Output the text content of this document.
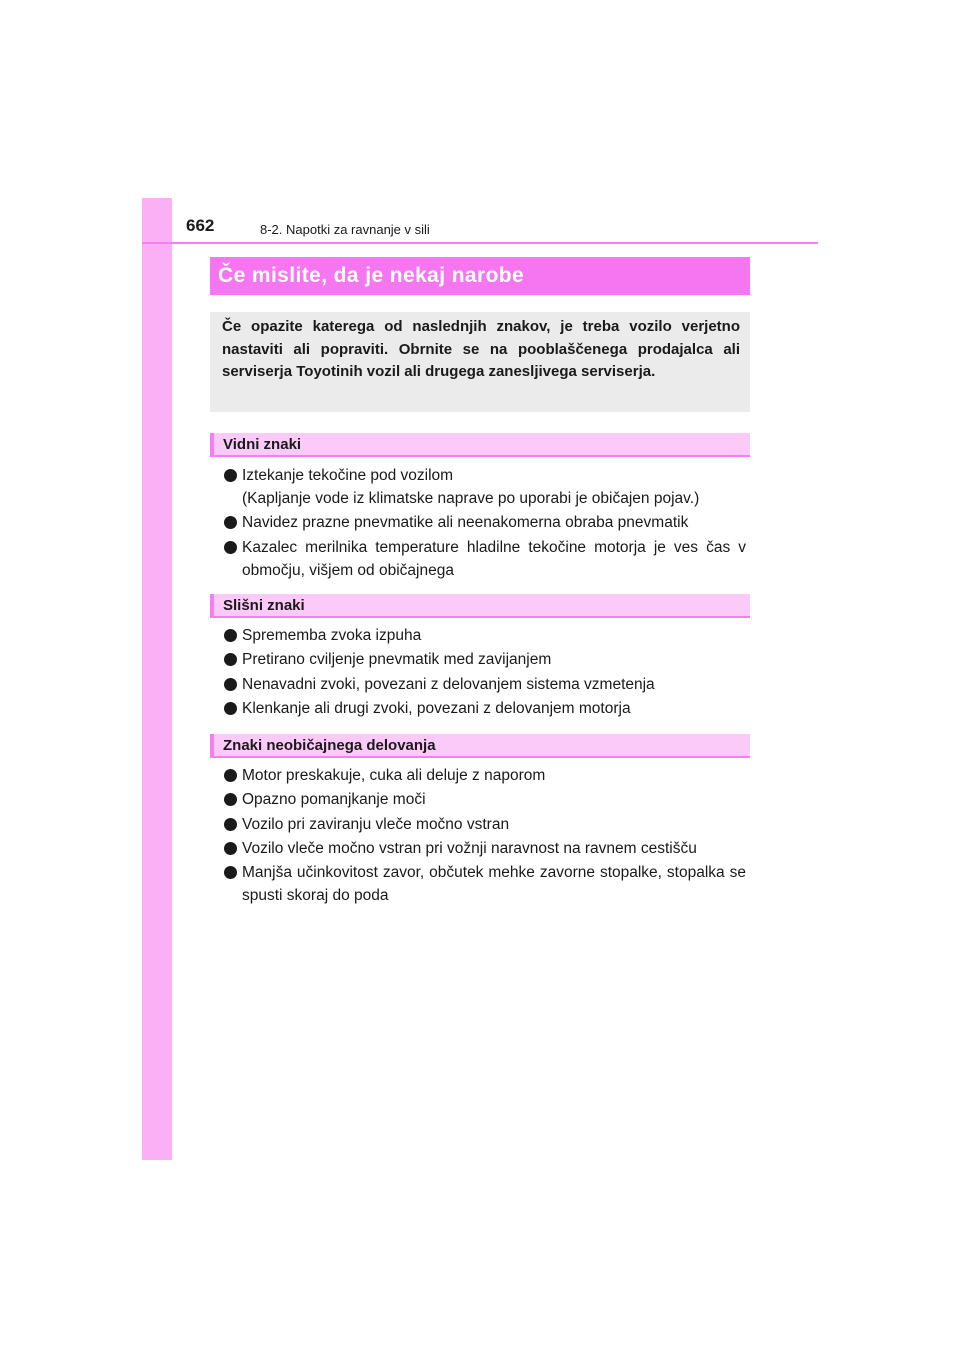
662	8-2. Napotki za ravnanje v sili
Če mislite, da je nekaj narobe

Če opazite katerega od naslednjih znakov, je treba vozilo verjetno nastaviti ali popraviti. Obrnite se na pooblaščenega prodajalca ali serviserja Toyotinih vozil ali drugega zanesljivega serviserja.

Vidni znaki
Iztekanje tekočine pod vozilom
(Kapljanje vode iz klimatske naprave po uporabi je običajen pojav.)
Navidez prazne pnevmatike ali neenakomerna obraba pnevmatik
Kazalec merilnika temperature hladilne tekočine motorja je ves čas v območju, višjem od običajnega
Slišni znaki
Sprememba zvoka izpuha
Pretirano cviljenje pnevmatik med zavijanjem
Nenavadni zvoki, povezani z delovanjem sistema vzmetenja
Klenkanje ali drugi zvoki, povezani z delovanjem motorja
Znaki neobičajnega delovanja
Motor preskakuje, cuka ali deluje z naporom
Opazno pomanjkanje moči
Vozilo pri zaviranju vleče močno vstran
Vozilo vleče močno vstran pri vožnji naravnost na ravnem cestišču
Manjša učinkovitost zavor, občutek mehke zavorne stopalke, stopalka se spusti skoraj do poda
